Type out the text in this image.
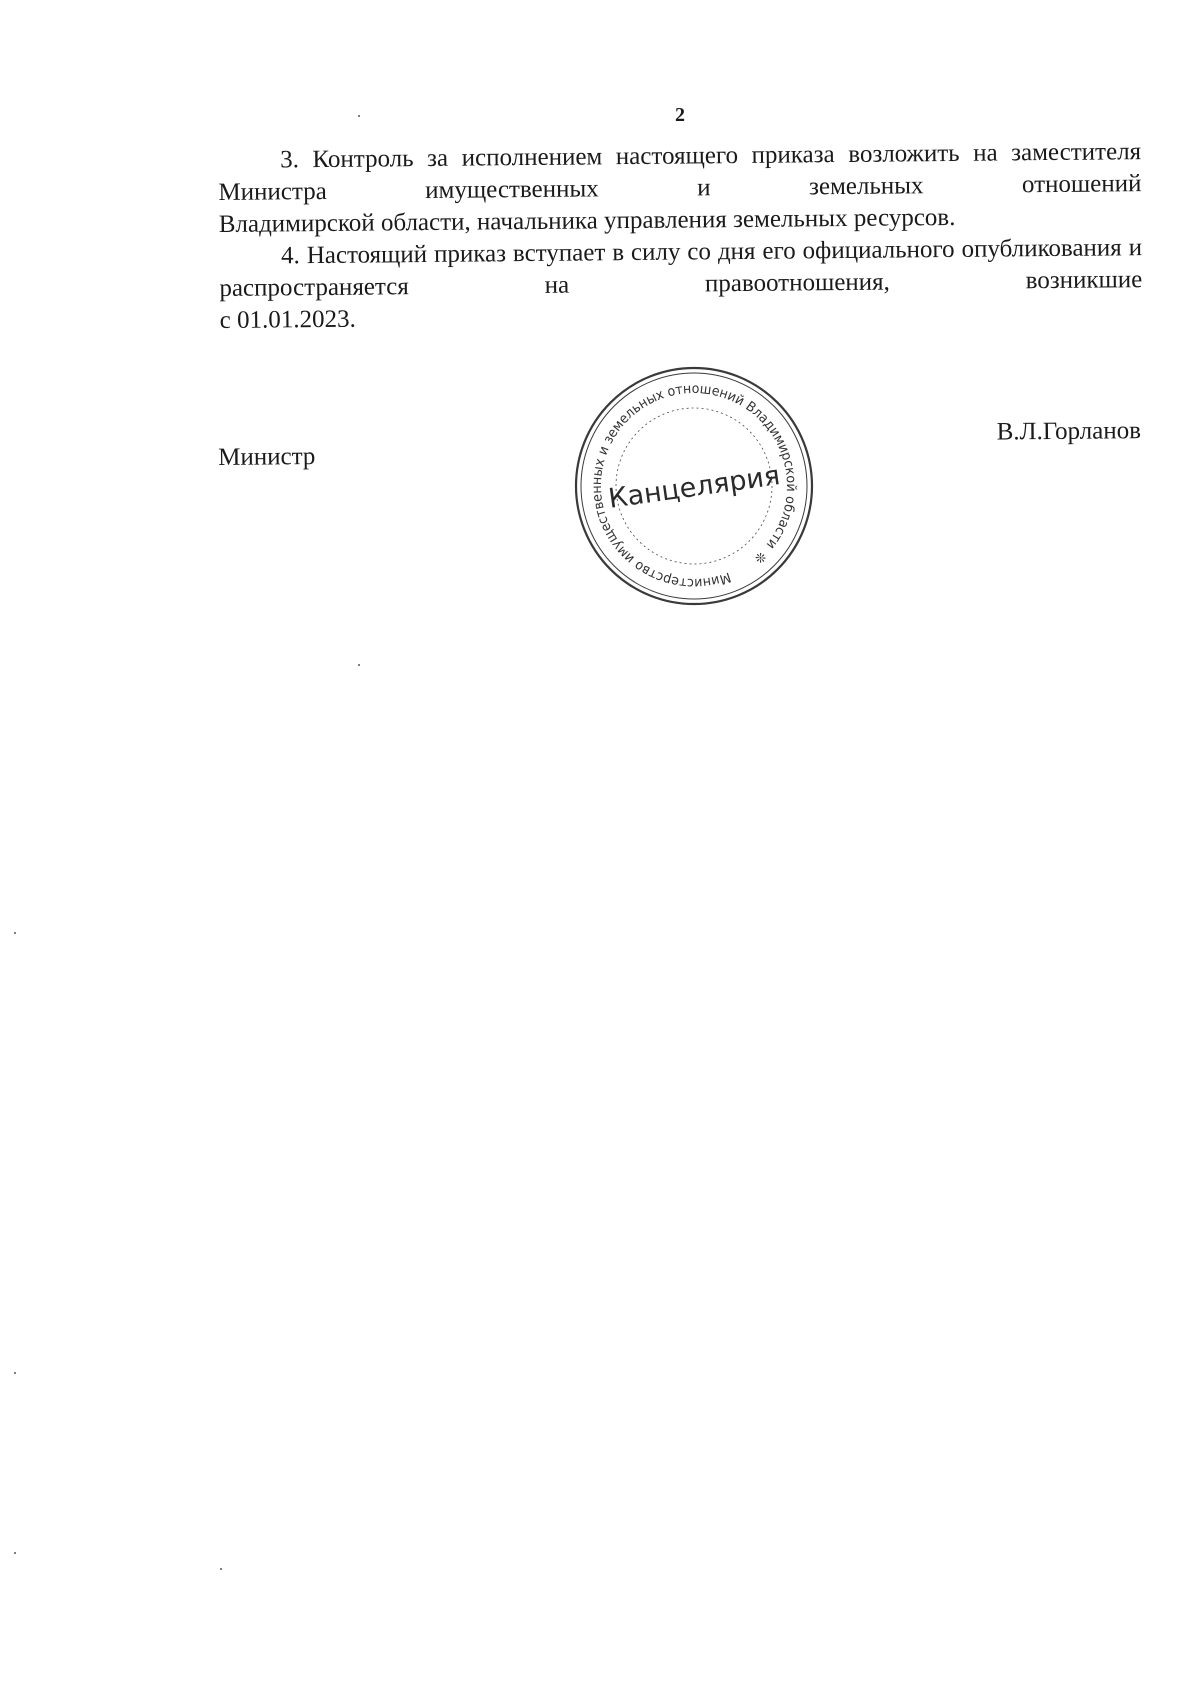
2

3. Контроль за исполнением настоящего приказа возложить на заместителя Министра имущественных и земельных отношений

Владимирской области, начальника управления земельных ресурсов.

4. Настоящий приказ вступает в силу со дня его официального опубликования и распространяется на правоотношения, возникшие

с 01.01.2023.

Министр
В.Л.Горланов
Министерство имущественных и земельных отношений Владимирской области❊
Канцелярия
